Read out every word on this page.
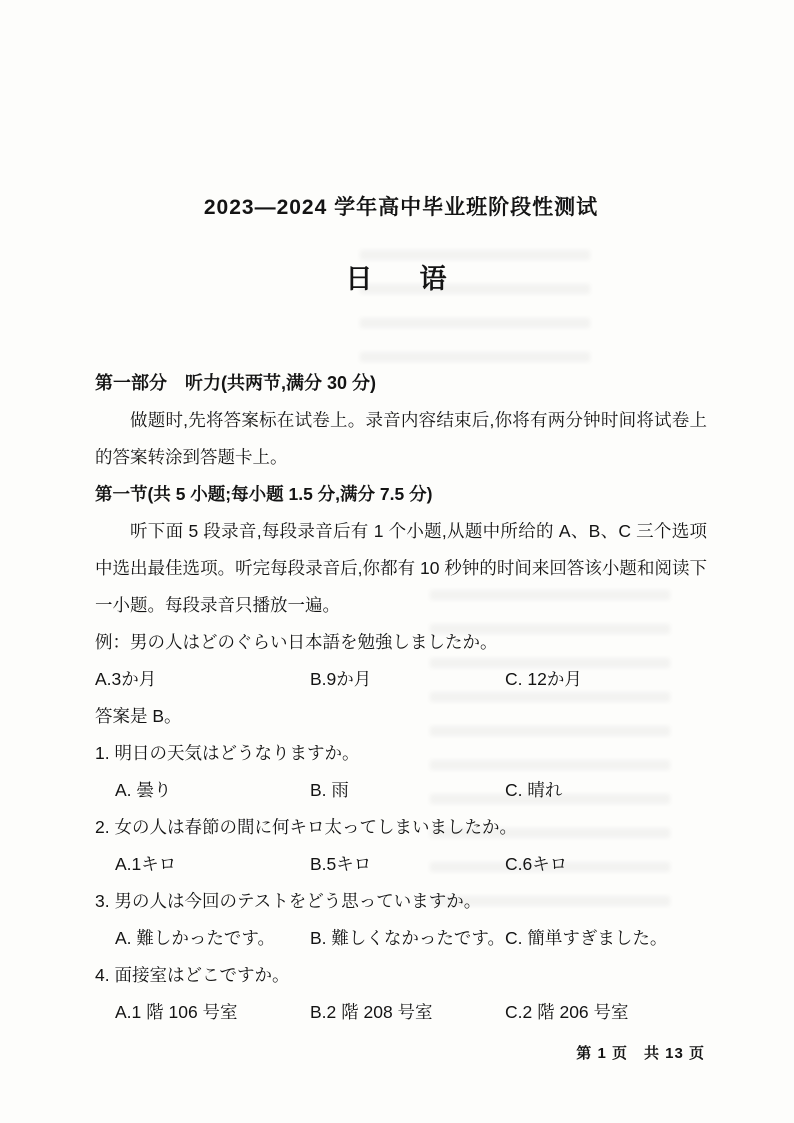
2023—2024 学年高中毕业班阶段性测试
日　语
第一部分　听力(共两节,满分 30 分)

做题时,先将答案标在试卷上。录音内容结束后,你将有两分钟时间将试卷上的答案转涂到答题卡上。

第一节(共 5 小题;每小题 1.5 分,满分 7.5 分)

听下面 5 段录音,每段录音后有 1 个小题,从题中所给的 A、B、C 三个选项中选出最佳选项。听完每段录音后,你都有 10 秒钟的时间来回答该小题和阅读下一小题。每段录音只播放一遍。

例：男の人はどのぐらい日本語を勉強しましたか。
A.3か月	B.9か月	C. 12か月
答案是 B。
1. 明日の天気はどうなりますか。
A. 曇り	B. 雨	C. 晴れ
2. 女の人は春節の間に何キロ太ってしまいましたか。
A.1キロ	B.5キロ	C.6キロ
3. 男の人は今回のテストをどう思っていますか。
A. 難しかったです。	B. 難しくなかったです。 C. 簡単すぎました。
4. 面接室はどこですか。
A.1 階 106 号室	B.2 階 208 号室	C.2 階 206 号室
第 1 页　共 13 页
